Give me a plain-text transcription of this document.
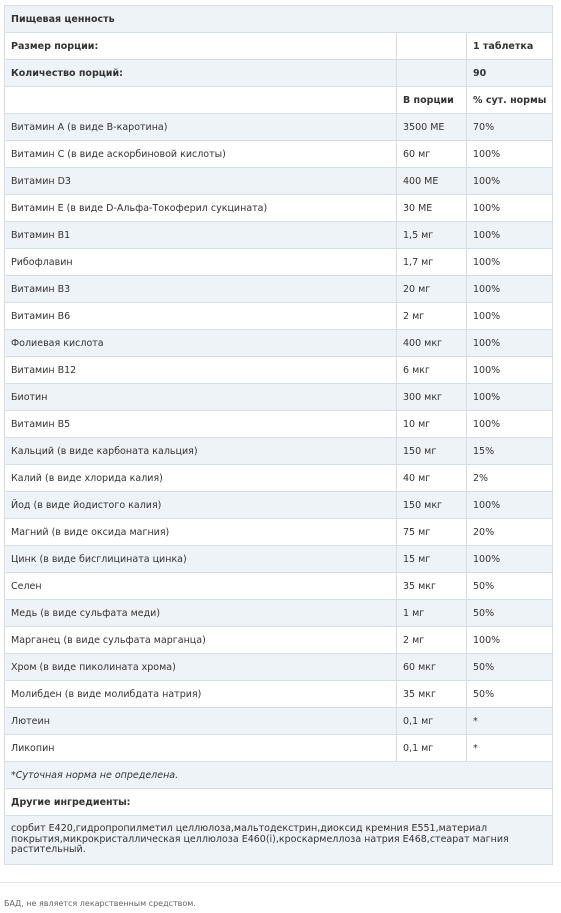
Пищевая ценность		
Размер порции:		1 таблетка
Количество порций:		90
	В порции	% сут. нормы
Витамин A (в виде B-каротина)	3500 МЕ	70%
Витамин C (в виде аскорбиновой кислоты)	60 мг	100%
Витамин D3	400 МЕ	100%
Витамин E (в виде D-Альфа-Токоферил сукцината)	30 МЕ	100%
Витамин B1	1,5 мг	100%
Рибофлавин	1,7 мг	100%
Витамин B3	20 мг	100%
Витамин B6	2 мг	100%
Фолиевая кислота	400 мкг	100%
Витамин B12	6 мкг	100%
Биотин	300 мкг	100%
Витамин B5	10 мг	100%
Кальций (в виде карбоната кальция)	150 мг	15%
Калий (в виде хлорида калия)	40 мг	2%
Йод (в виде йодистого калия)	150 мкг	100%
Магний (в виде оксида магния)	75 мг	20%
Цинк (в виде бисглицината цинка)	15 мг	100%
Селен	35 мкг	50%
Медь (в виде сульфата меди)	1 мг	50%
Марганец (в виде сульфата марганца)	2 мг	100%
Хром (в виде пиколината хрома)	60 мкг	50%
Молибден (в виде молибдата натрия)	35 мкг	50%
Лютеин	0,1 мг	*
Ликопин	0,1 мг	*
*Суточная норма не определена.		
Другие ингредиенты:		
сорбит E420,гидропропилметил целлюлоза,мальтодекстрин,диоксид кремния E551,материал покрытия,микрокристаллическая целлюлоза E460(i),кроскармеллоза натрия E468,стеарат магния растительный.		
БАД, не является лекарственным средством.
